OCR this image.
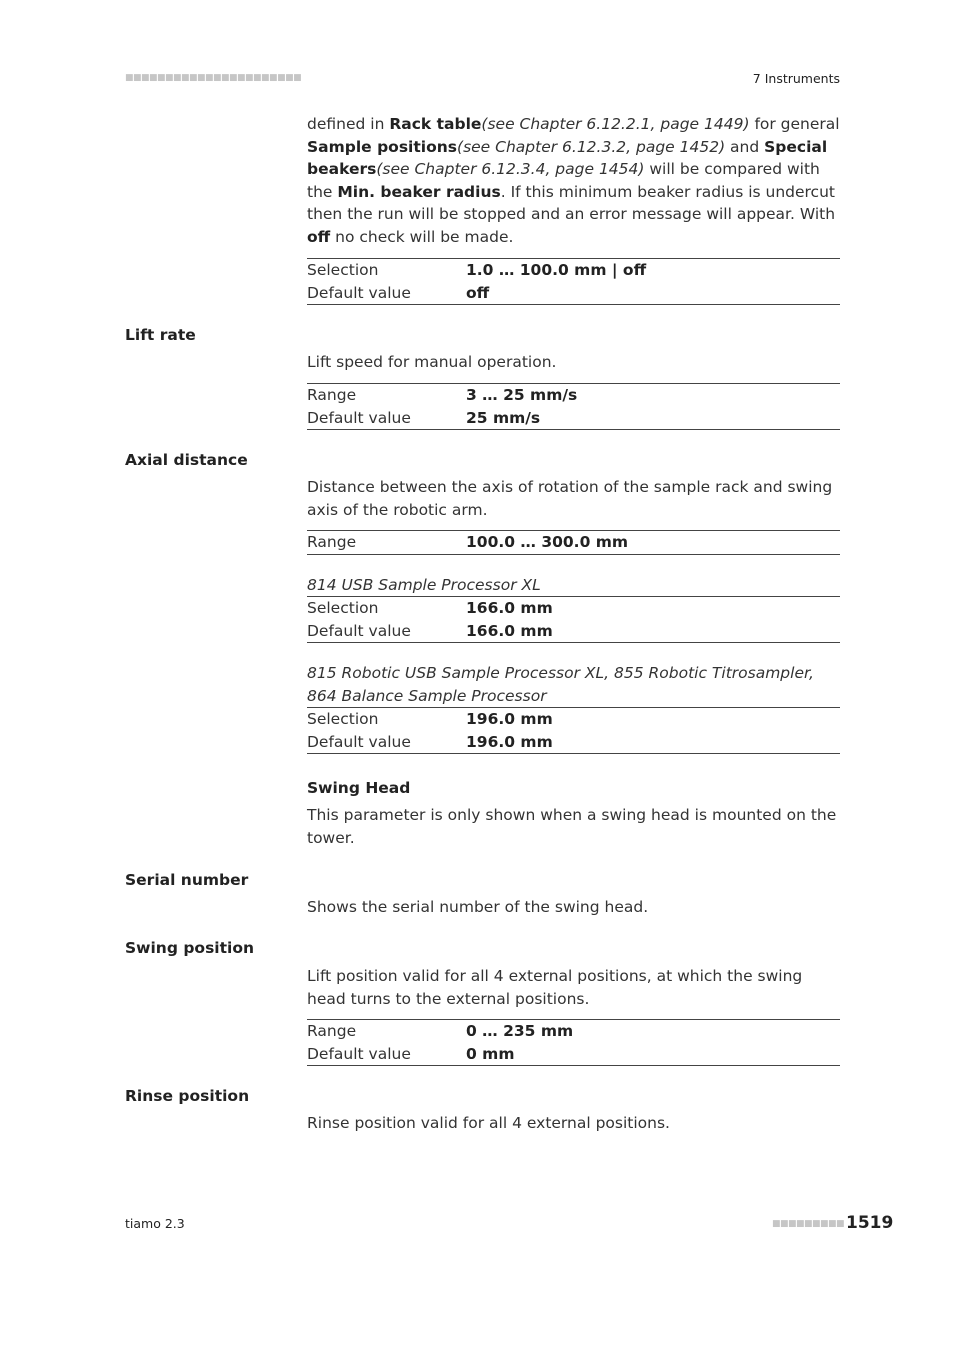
■■■■■■■■■■■■■■■■■■■■■■	7 Instruments
defined in Rack table(see Chapter 6.12.2.1, page 1449) for general Sample positions(see Chapter 6.12.3.2, page 1452) and Special beakers(see Chapter 6.12.3.4, page 1454) will be compared with the Min. beaker radius. If this minimum beaker radius is undercut then the run will be stopped and an error message will appear. With off no check will be made.
Selection	1.0 … 100.0 mm | off
Default value	off
Lift rate
Lift speed for manual operation.
Range	3 … 25 mm/s
Default value	25 mm/s
Axial distance
Distance between the axis of rotation of the sample rack and swing axis of the robotic arm.
Range	100.0 … 300.0 mm
814 USB Sample Processor XL
Selection	166.0 mm
Default value	166.0 mm
815 Robotic USB Sample Processor XL, 855 Robotic Titrosampler, 864 Balance Sample Processor
Selection	196.0 mm
Default value	196.0 mm
Swing Head
This parameter is only shown when a swing head is mounted on the tower.
Serial number
Shows the serial number of the swing head.
Swing position
Lift position valid for all 4 external positions, at which the swing head turns to the external positions.
Range	0 … 235 mm
Default value	0 mm
Rinse position
Rinse position valid for all 4 external positions.
tiamo 2.3	■■■■■■■■■ 1519
